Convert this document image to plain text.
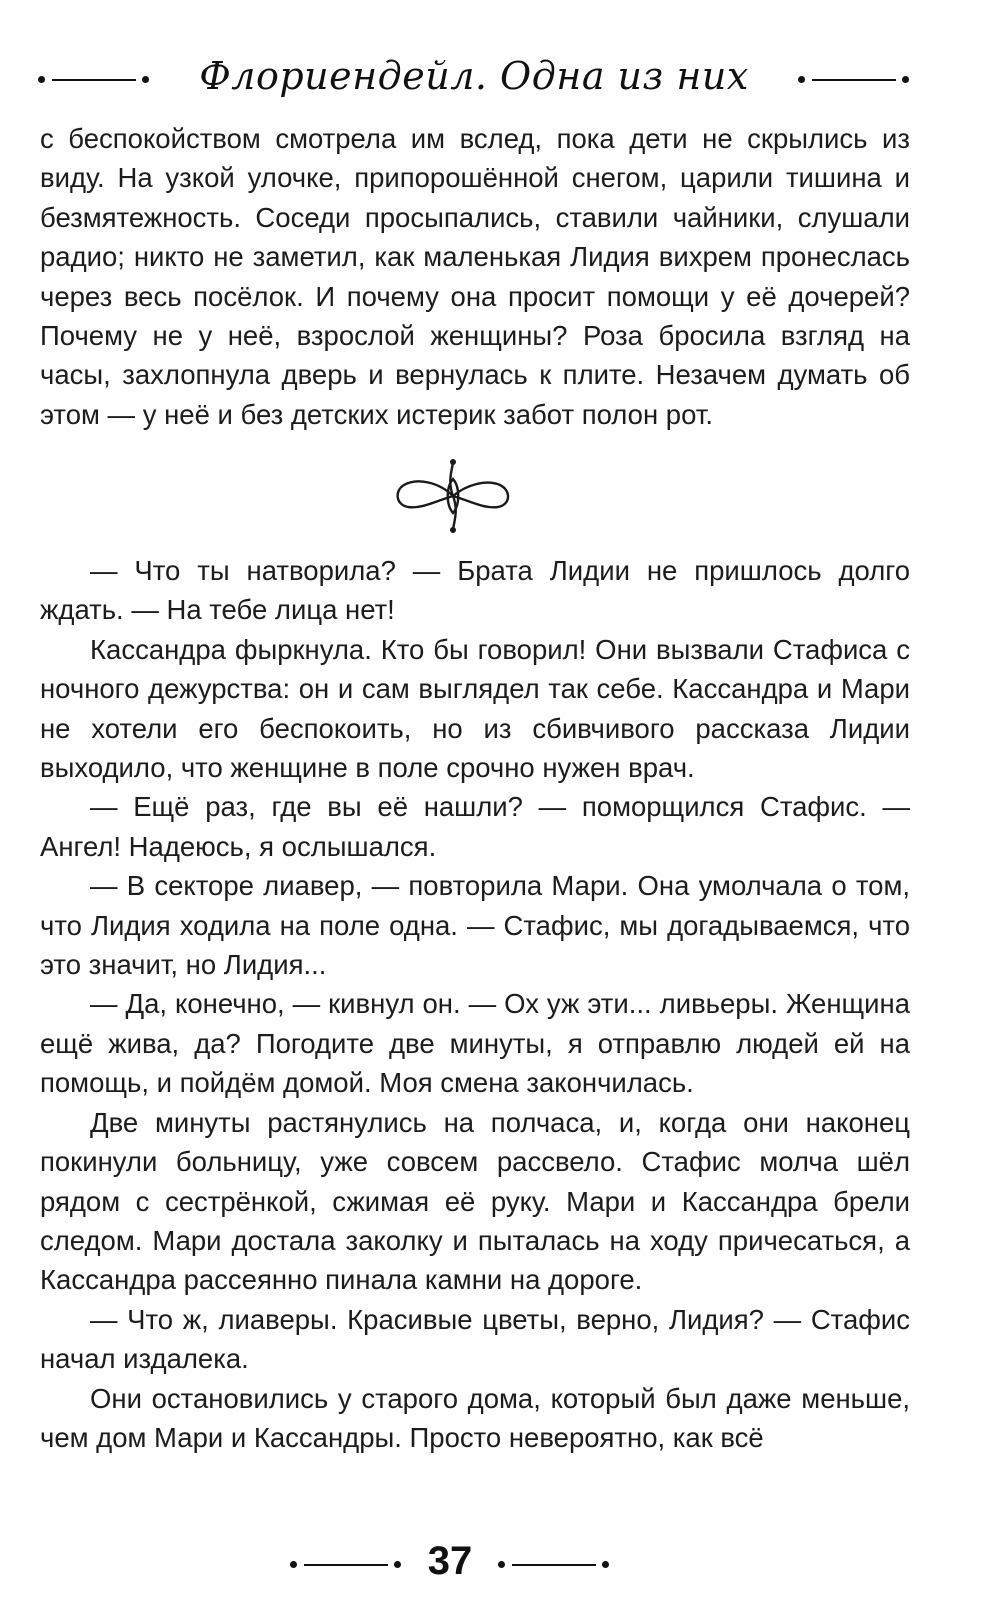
Флориендейл. Одна из них

с беспокойством смотрела им вслед, пока дети не скрылись из виду. На узкой улочке, припорошённой снегом, царили тишина и безмятежность. Соседи просыпались, ставили чайники, слушали радио; никто не заметил, как маленькая Лидия вихрем пронеслась через весь посёлок. И почему она просит помощи у её дочерей? Почему не у неё, взрослой женщины? Роза бросила взгляд на часы, захлопнула дверь и вернулась к плите. Незачем думать об этом — у неё и без детских истерик забот полон рот.

— Что ты натворила? — Брата Лидии не пришлось долго ждать. — На тебе лица нет!

Кассандра фыркнула. Кто бы говорил! Они вызвали Стафиса с ночного дежурства: он и сам выглядел так себе. Кассандра и Мари не хотели его беспокоить, но из сбивчивого рассказа Лидии выходило, что женщине в поле срочно нужен врач.

— Ещё раз, где вы её нашли? — поморщился Стафис. — Ангел! Надеюсь, я ослышался.

— В секторе лиавер, — повторила Мари. Она умолчала о том, что Лидия ходила на поле одна. — Стафис, мы догадываемся, что это значит, но Лидия...

— Да, конечно, — кивнул он. — Ох уж эти... ливьеры. Женщина ещё жива, да? Погодите две минуты, я отправлю людей ей на помощь, и пойдём домой. Моя смена закончилась.

Две минуты растянулись на полчаса, и, когда они наконец покинули больницу, уже совсем рассвело. Стафис молча шёл рядом с сестрёнкой, сжимая её руку. Мари и Кассандра брели следом. Мари достала заколку и пыталась на ходу причесаться, а Кассандра рассеянно пинала камни на дороге.

— Что ж, лиаверы. Красивые цветы, верно, Лидия? — Стафис начал издалека.

Они остановились у старого дома, который был даже меньше, чем дом Мари и Кассандры. Просто невероятно, как всё

37
